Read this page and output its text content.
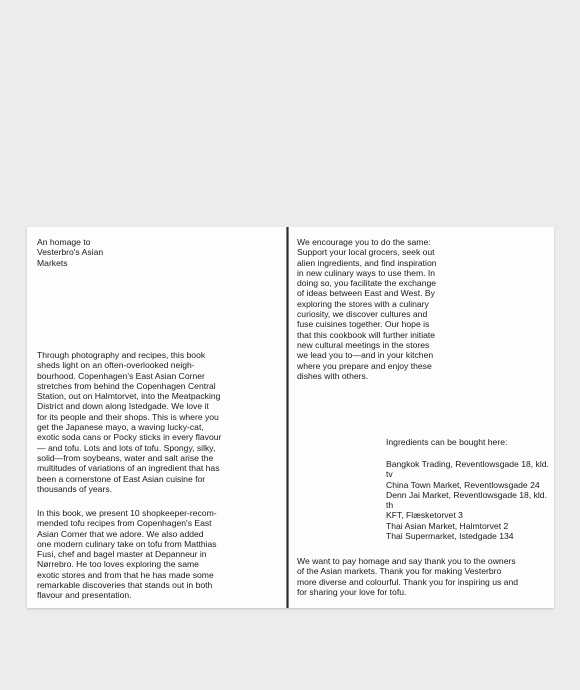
An homage to
Vesterbro's Asian
Markets

Through photography and recipes, this book
sheds light on an often-overlooked neigh-
bourhood. Copenhagen's East Asian Corner
stretches from behind the Copenhagen Central
Station, out on Halmtorvet, into the Meatpacking
District and down along Istedgade. We love it
for its people and their shops. This is where you
get the Japanese mayo, a waving lucky-cat,
exotic soda cans or Pocky sticks in every flavour
— and tofu. Lots and lots of tofu. Spongy, silky,
solid—from soybeans, water and salt arise the
multitudes of variations of an ingredient that has
been a cornerstone of East Asian cuisine for
thousands of years.

In this book, we present 10 shopkeeper-recom-
mended tofu recipes from Copenhagen's East
Asian Corner that we adore. We also added
one modern culinary take on tofu from Matthias
Fusi, chef and bagel master at Depanneur in
Nørrebro. He too loves exploring the same
exotic stores and from that he has made some
remarkable discoveries that stands out in both
flavour and presentation.

We encourage you to do the same:
Support your local grocers, seek out
alien ingredients, and find inspiration
in new culinary ways to use them. In
doing so, you facilitate the exchange
of ideas between East and West. By
exploring the stores with a culinary
curiosity, we discover cultures and
fuse cuisines together. Our hope is
that this cookbook will further initiate
new cultural meetings in the stores
we lead you to—and in your kitchen
where you prepare and enjoy these
dishes with others.

Ingredients can be bought here:

Bangkok Trading, Reventlowsgade 18, kld. tv
China Town Market, Reventlowsgade 24
Denn Jai Market, Reventlowsgade 18, kld. th
KFT, Flæsketorvet 3
Thai Asian Market, Halmtorvet 2
Thai Supermarket, Istedgade 134

We want to pay homage and say thank you to the owners
of the Asian markets. Thank you for making Vesterbro
more diverse and colourful. Thank you for inspiring us and
for sharing your love for tofu.
